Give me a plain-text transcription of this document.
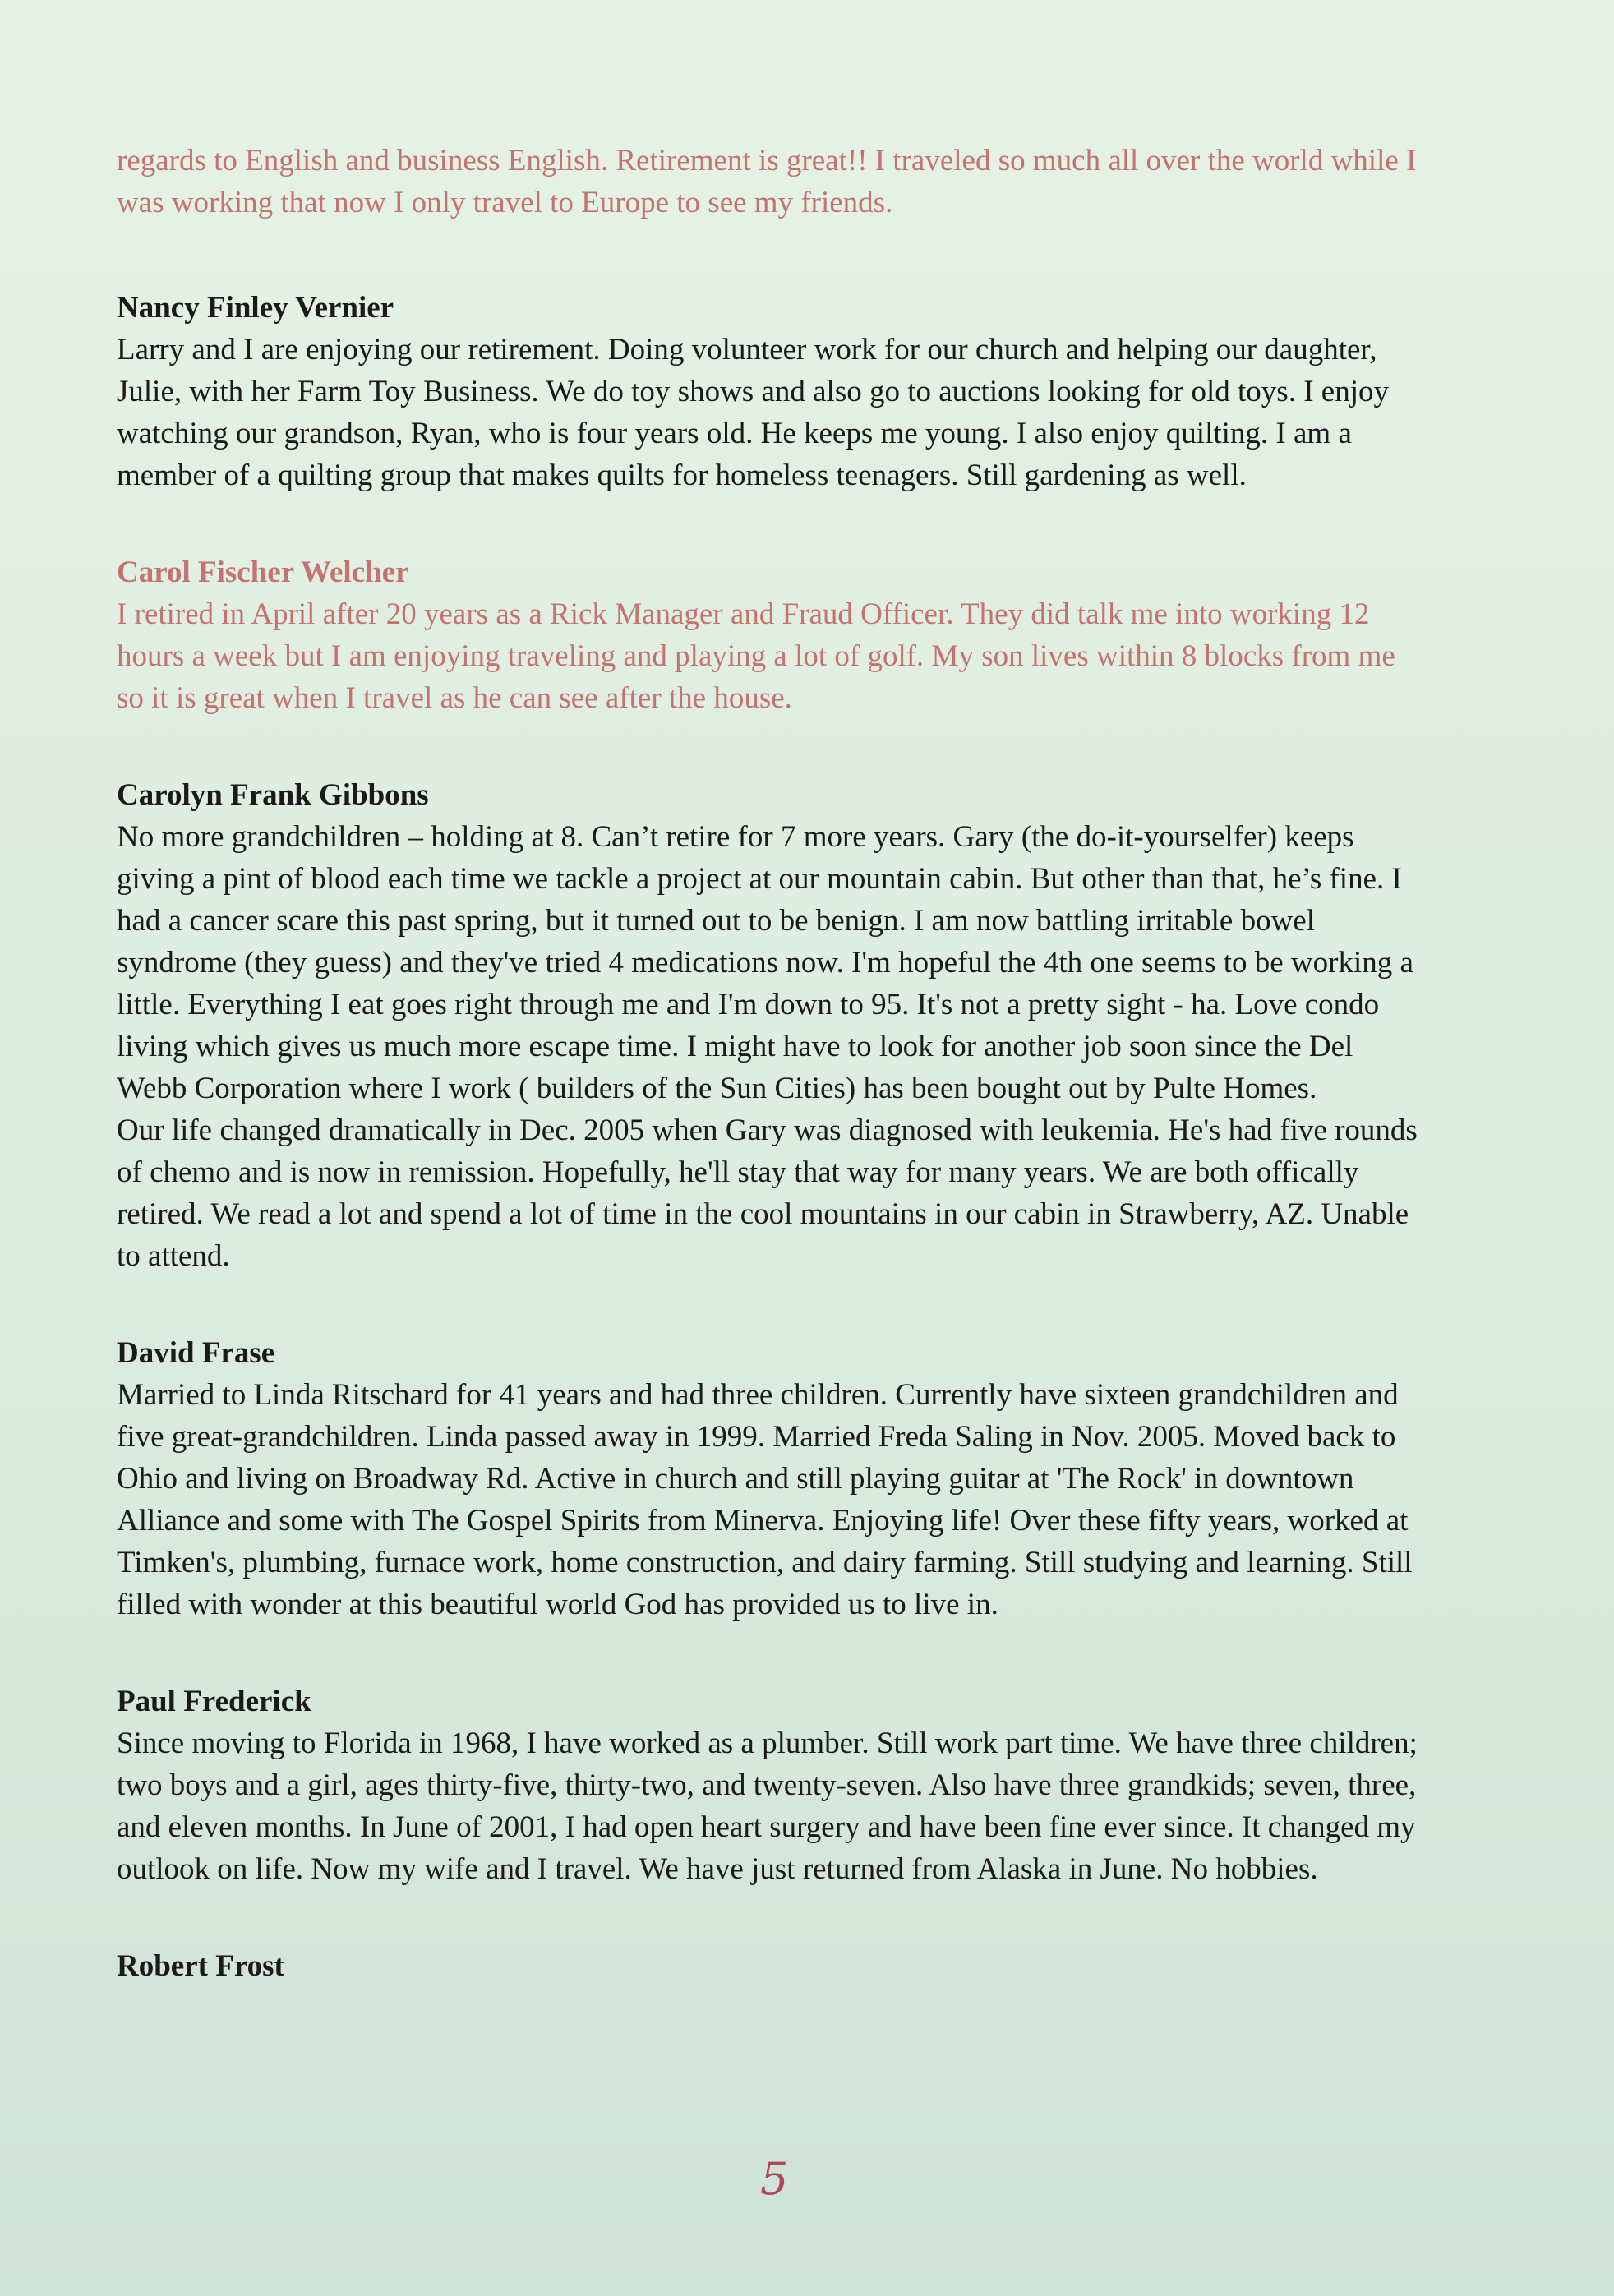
regards to English and business English. Retirement is great!! I traveled so much all over the world while I was working that now I only travel to Europe to see my friends.

Nancy Finley Vernier

Larry and I are enjoying our retirement. Doing volunteer work for our church and helping our daughter, Julie, with her Farm Toy Business. We do toy shows and also go to auctions looking for old toys. I enjoy watching our grandson, Ryan, who is four years old. He keeps me young. I also enjoy quilting. I am a member of a quilting group that makes quilts for homeless teenagers. Still gardening as well.

Carol Fischer Welcher

I retired in April after 20 years as a Rick Manager and Fraud Officer. They did talk me into working 12 hours a week but I am enjoying traveling and playing a lot of golf. My son lives within 8 blocks from me so it is great when I travel as he can see after the house.

Carolyn Frank Gibbons

No more grandchildren – holding at 8. Can’t retire for 7 more years. Gary (the do-it-yourselfer) keeps giving a pint of blood each time we tackle a project at our mountain cabin. But other than that, he’s fine. I had a cancer scare this past spring, but it turned out to be benign. I am now battling irritable bowel syndrome (they guess) and they've tried 4 medications now. I'm hopeful the 4th one seems to be working a little. Everything I eat goes right through me and I'm down to 95. It's not a pretty sight - ha. Love condo living which gives us much more escape time. I might have to look for another job soon since the Del Webb Corporation where I work ( builders of the Sun Cities) has been bought out by Pulte Homes.

Our life changed dramatically in Dec. 2005 when Gary was diagnosed with leukemia. He's had five rounds of chemo and is now in remission. Hopefully, he'll stay that way for many years. We are both offically retired. We read a lot and spend a lot of time in the cool mountains in our cabin in Strawberry, AZ. Unable to attend.

David Frase

Married to Linda Ritschard for 41 years and had three children. Currently have sixteen grandchildren and five great-grandchildren. Linda passed away in 1999. Married Freda Saling in Nov. 2005. Moved back to Ohio and living on Broadway Rd. Active in church and still playing guitar at 'The Rock' in downtown Alliance and some with The Gospel Spirits from Minerva. Enjoying life! Over these fifty years, worked at Timken's, plumbing, furnace work, home construction, and dairy farming. Still studying and learning. Still filled with wonder at this beautiful world God has provided us to live in.

Paul Frederick

Since moving to Florida in 1968, I have worked as a plumber. Still work part time. We have three children; two boys and a girl, ages thirty-five, thirty-two, and twenty-seven. Also have three grandkids; seven, three, and eleven months. In June of 2001, I had open heart surgery and have been fine ever since. It changed my outlook on life. Now my wife and I travel. We have just returned from Alaska in June. No hobbies.

Robert Frost
5
